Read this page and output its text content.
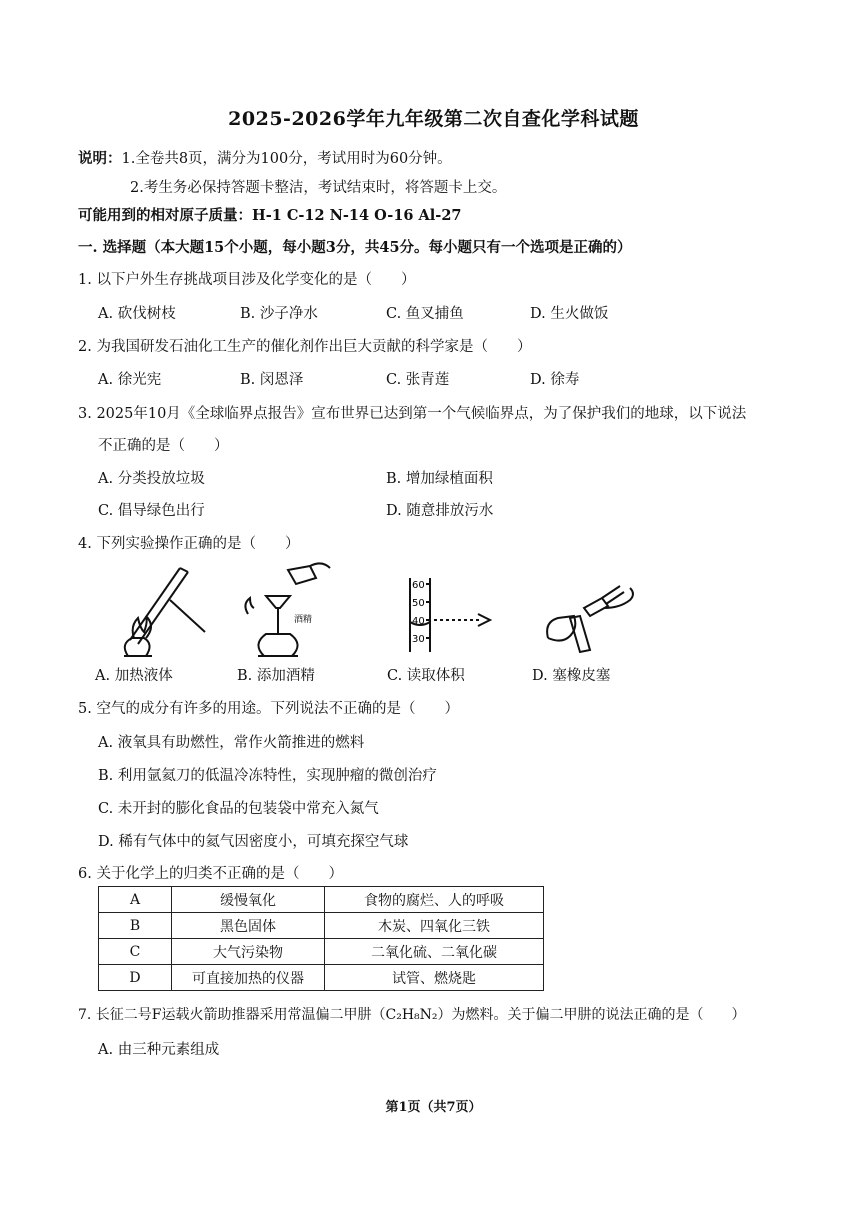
2025-2026学年九年级第二次自查化学科试题
说明：1.全卷共8页，满分为100分，考试用时为60分钟。
2.考生务必保持答题卡整洁，考试结束时，将答题卡上交。
可能用到的相对原子质量：H-1 C-12 N-14 O-16 Al-27
一. 选择题（本大题15个小题，每小题3分，共45分。每小题只有一个选项是正确的）
1. 以下户外生存挑战项目涉及化学变化的是（　　）
A. 砍伐树枝	B. 沙子净水	C. 鱼叉捕鱼	D. 生火做饭
2. 为我国研发石油化工生产的催化剂作出巨大贡献的科学家是（　　）
A. 徐光宪	B. 闵恩泽	C. 张青莲	D. 徐寿
3. 2025年10月《全球临界点报告》宣布世界已达到第一个气候临界点，为了保护我们的地球，以下说法
不正确的是（　　）
A. 分类投放垃圾	B. 增加绿植面积
C. 倡导绿色出行	D. 随意排放污水
4. 下列实验操作正确的是（　　）
A. 加热液体
酒精
B. 添加酒精
60
50
40
30
C. 读取体积	D. 塞橡皮塞
5. 空气的成分有许多的用途。下列说法不正确的是（　　）
A. 液氧具有助燃性，常作火箭推进的燃料
B. 利用氩氦刀的低温冷冻特性，实现肿瘤的微创治疗
C. 未开封的膨化食品的包装袋中常充入氮气
D. 稀有气体中的氦气因密度小，可填充探空气球
6. 关于化学上的归类不正确的是（　　）
A	缓慢氧化	食物的腐烂、人的呼吸
B	黑色固体	木炭、四氧化三铁
C	大气污染物	二氧化硫、二氧化碳
D	可直接加热的仪器	试管、燃烧匙
7. 长征二号F运载火箭助推器采用常温偏二甲肼（C₂H₈N₂）为燃料。关于偏二甲肼的说法正确的是（　　）
A. 由三种元素组成
第1页（共7页）
